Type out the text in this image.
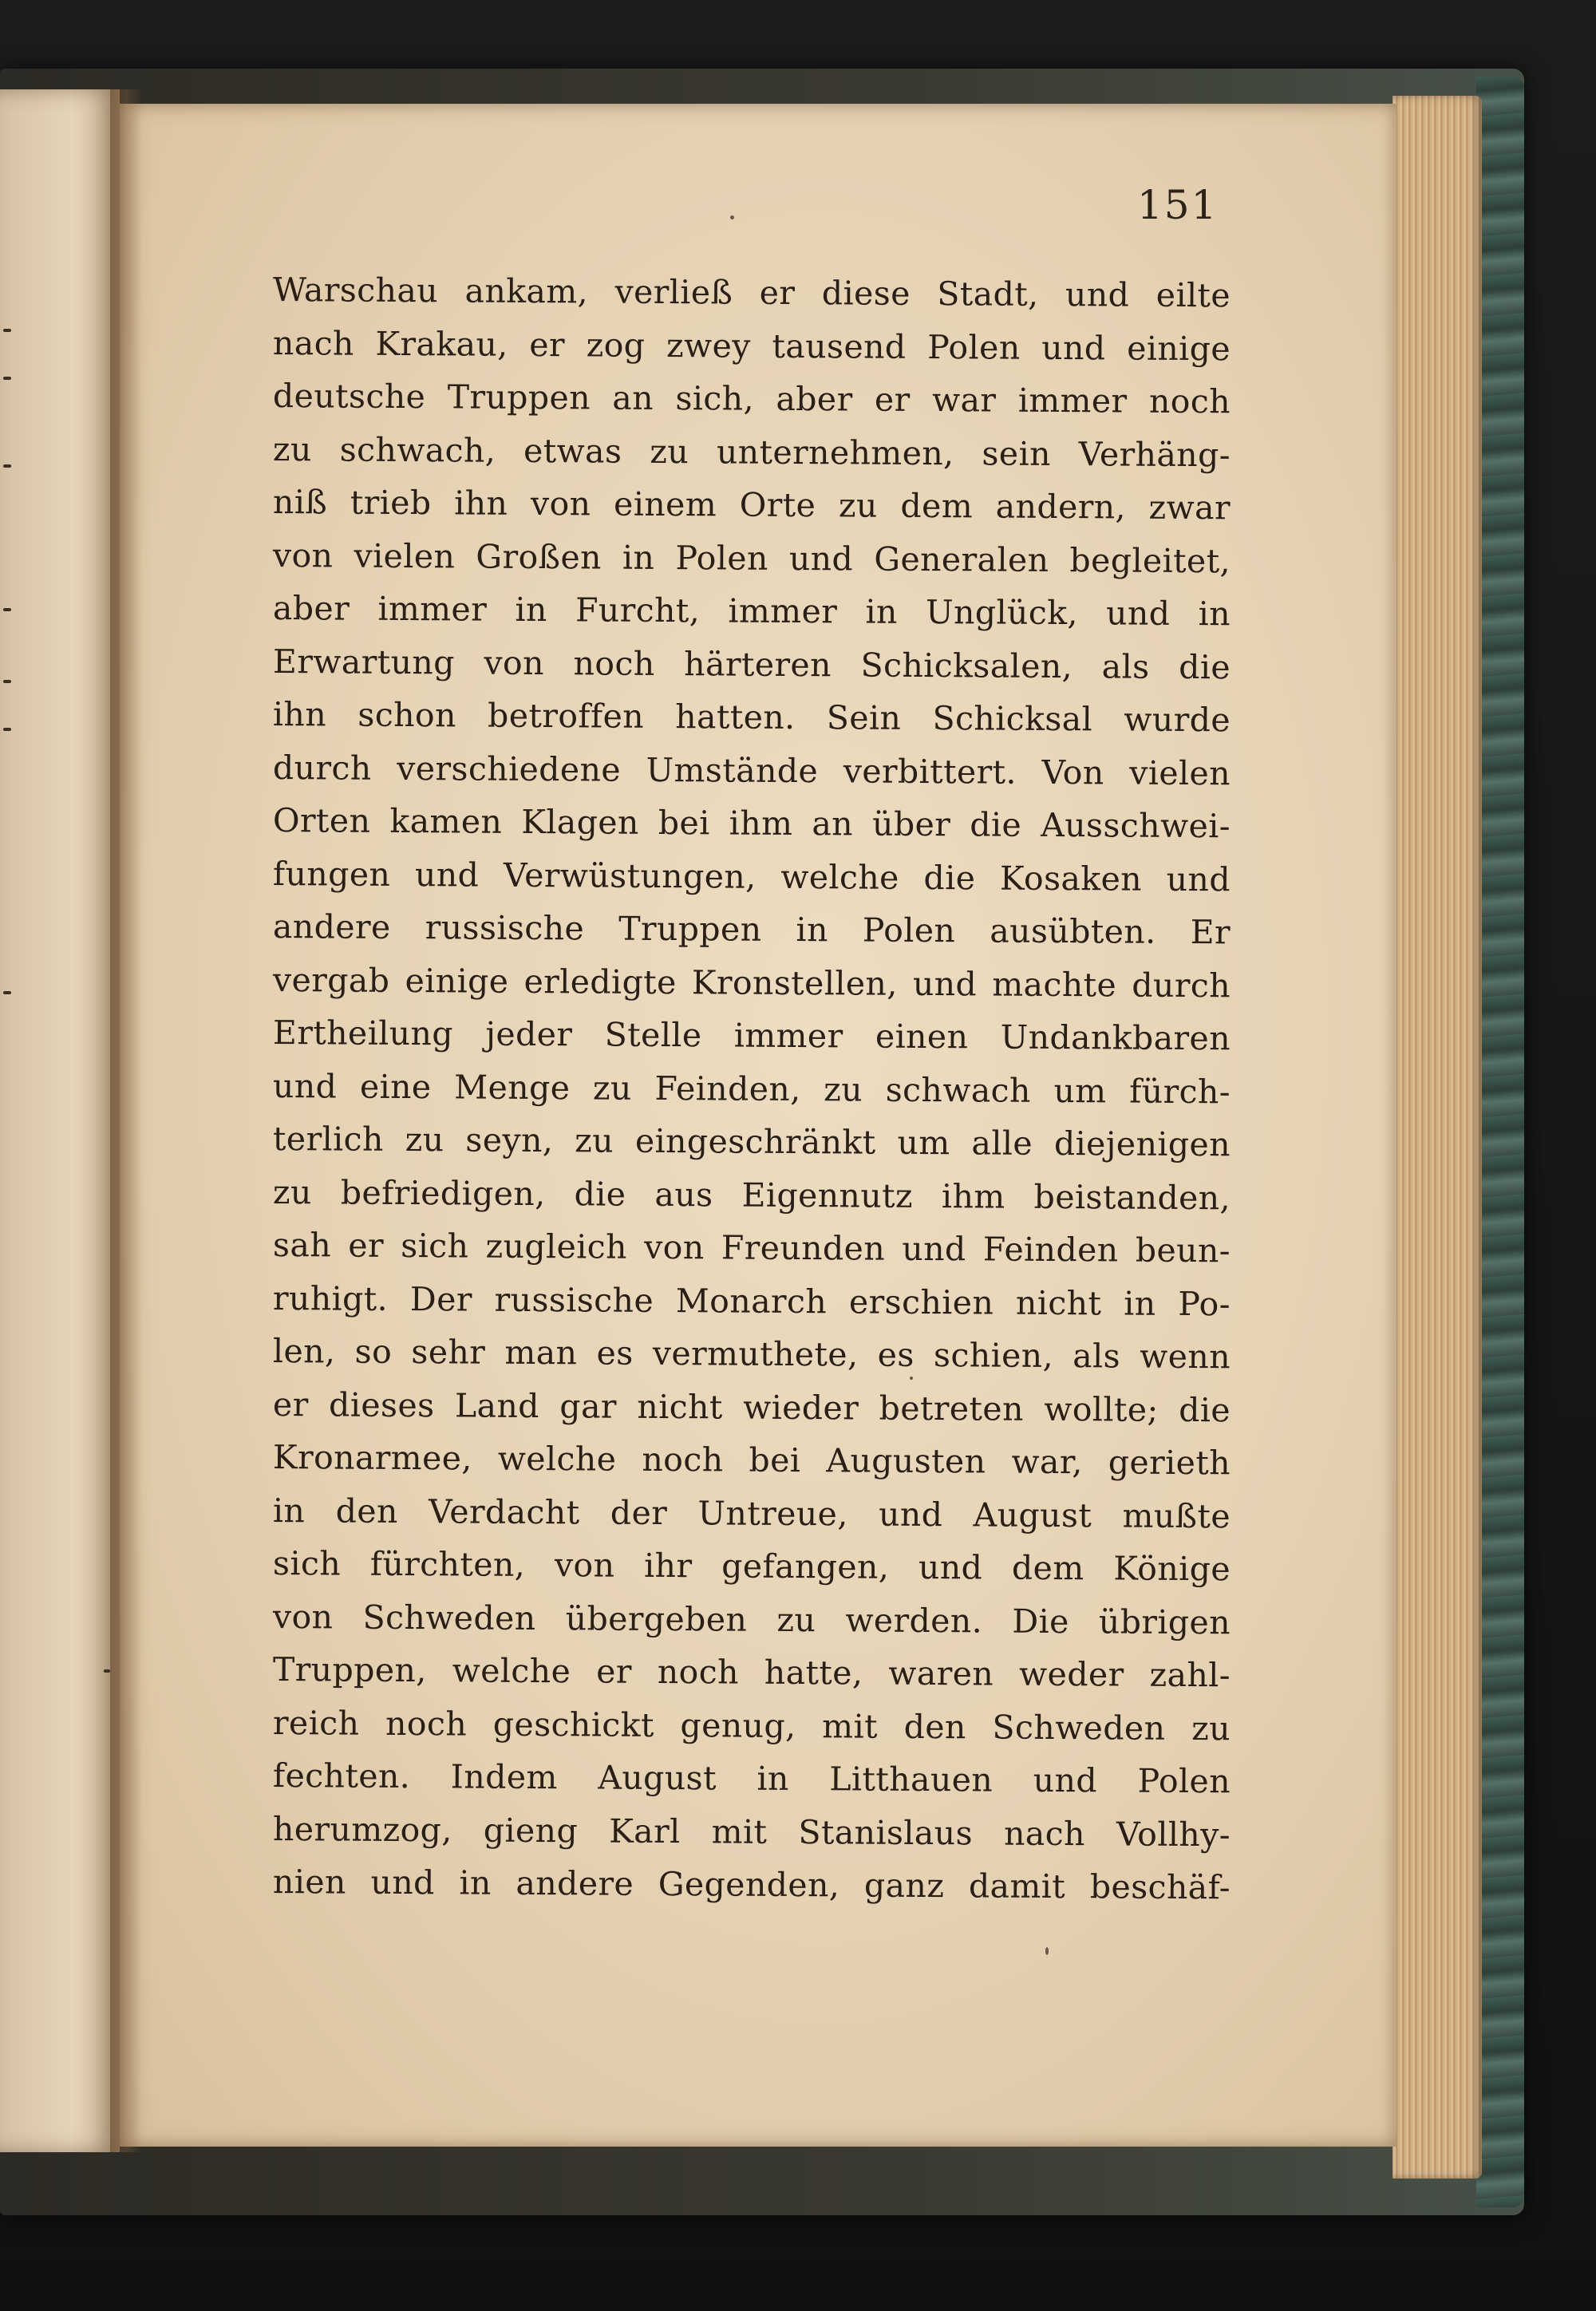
151
Warschau ankam, verließ er diese Stadt, und eilte
nach Krakau, er zog zwey tausend Polen und einige
deutsche Truppen an sich, aber er war immer noch
zu schwach, etwas zu unternehmen, sein Verhäng-
niß trieb ihn von einem Orte zu dem andern, zwar
von vielen Großen in Polen und Generalen begleitet,
aber immer in Furcht, immer in Unglück, und in
Erwartung von noch härteren Schicksalen, als die
ihn schon betroffen hatten. Sein Schicksal wurde
durch verschiedene Umstände verbittert. Von vielen
Orten kamen Klagen bei ihm an über die Ausschwei-
fungen und Verwüstungen, welche die Kosaken und
andere russische Truppen in Polen ausübten. Er
vergab einige erledigte Kronstellen, und machte durch
Ertheilung jeder Stelle immer einen Undankbaren
und eine Menge zu Feinden, zu schwach um fürch-
terlich zu seyn, zu eingeschränkt um alle diejenigen
zu befriedigen, die aus Eigennutz ihm beistanden,
sah er sich zugleich von Freunden und Feinden beun-
ruhigt. Der russische Monarch erschien nicht in Po-
len, so sehr man es vermuthete, es schien, als wenn
er dieses Land gar nicht wieder betreten wollte; die
Kronarmee, welche noch bei Augusten war, gerieth
in den Verdacht der Untreue, und August mußte
sich fürchten, von ihr gefangen, und dem Könige
von Schweden übergeben zu werden. Die übrigen
Truppen, welche er noch hatte, waren weder zahl-
reich noch geschickt genug, mit den Schweden zu
fechten. Indem August in Litthauen und Polen
herumzog, gieng Karl mit Stanislaus nach Vollhy-
nien und in andere Gegenden, ganz damit beschäf-
